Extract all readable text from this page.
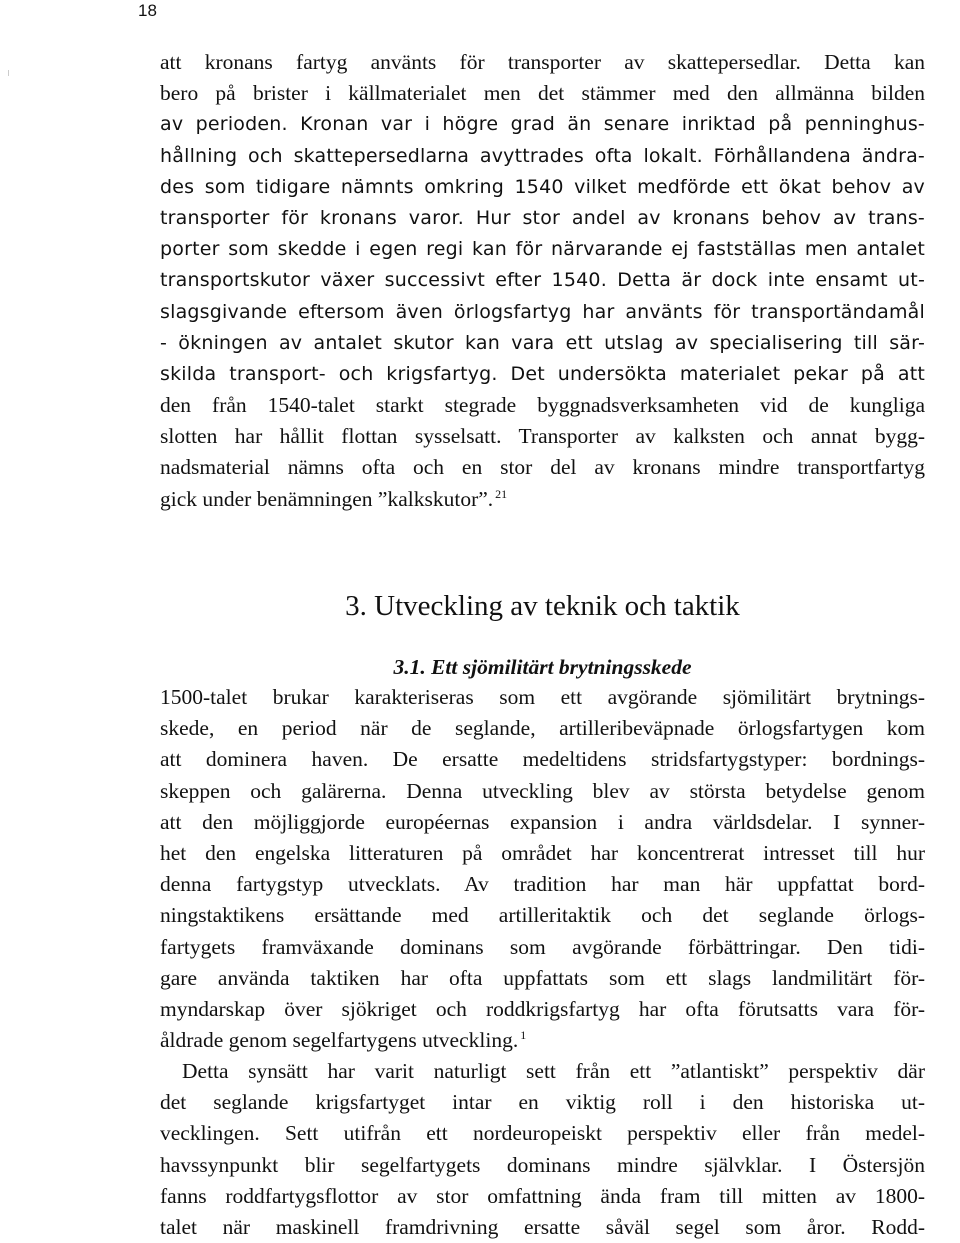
18
att kronans fartyg använts för transporter av skattepersedlar. Detta kan
bero på brister i källmaterialet men det stämmer med den allmänna bilden
av perioden. Kronan var i högre grad än senare inriktad på penninghus-
hållning och skattepersedlarna avyttrades ofta lokalt. Förhållandena ändra-
des som tidigare nämnts omkring 1540 vilket medförde ett ökat behov av
transporter för kronans varor. Hur stor andel av kronans behov av trans-
porter som skedde i egen regi kan för närvarande ej fastställas men antalet
transportskutor växer successivt efter 1540. Detta är dock inte ensamt ut-
slagsgivande eftersom även örlogsfartyg har använts för transportändamål
- ökningen av antalet skutor kan vara ett utslag av specialisering till sär-
skilda transport- och krigsfartyg. Det undersökta materialet pekar på att
den från 1540-talet starkt stegrade byggnadsverksamheten vid de kungliga
slotten har hållit flottan sysselsatt. Transporter av kalksten och annat bygg-
nadsmaterial nämns ofta och en stor del av kronans mindre transportfartyg
gick under benämningen ”kalkskutor”. $^{21}$
3. Utveckling av teknik och taktik
3.1. Ett sjömilitärt brytningsskede
1500-talet brukar karakteriseras som ett avgörande sjömilitärt brytnings-
skede, en period när de seglande, artilleribeväpnade örlogsfartygen kom
att dominera haven. De ersatte medeltidens stridsfartygstyper: bordnings-
skeppen och galärerna. Denna utveckling blev av största betydelse genom
att den möjliggjorde européernas expansion i andra världsdelar. I synner-
het den engelska litteraturen på området har koncentrerat intresset till hur
denna fartygstyp utvecklats. Av tradition har man här uppfattat bord-
ningstaktikens ersättande med artilleritaktik och det seglande örlogs-
fartygets framväxande dominans som avgörande förbättringar. Den tidi-
gare använda taktiken har ofta uppfattats som ett slags landmilitärt för-
myndarskap över sjökriget och roddkrigsfartyg har ofta förutsatts vara för-
åldrade genom segelfartygens utveckling. $^1$
Detta synsätt har varit naturligt sett från ett ”atlantiskt” perspektiv där
det seglande krigsfartyget intar en viktig roll i den historiska ut-
vecklingen. Sett utifrån ett nordeuropeiskt perspektiv eller från medel-
havssynpunkt blir segelfartygets dominans mindre självklar. I Östersjön
fanns roddfartygsflottor av stor omfattning ända fram till mitten av 1800-
talet när maskinell framdrivning ersatte såväl segel som åror. Rodd-
